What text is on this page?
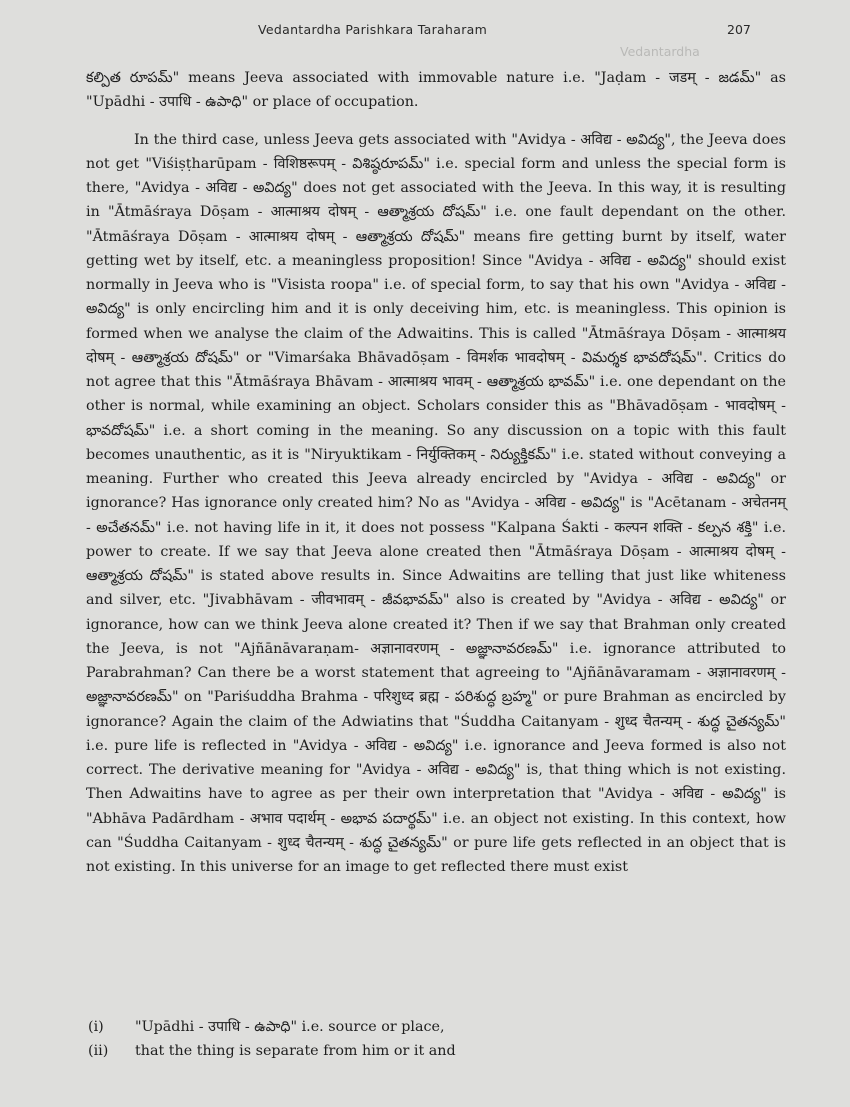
Vedantardha Parishkara Taraharam
Vedantardha
207

కల్పిత రూపమ్" means Jeeva associated with immovable nature i.e. "Jaḍam - जडम् - జడమ్" as "Upādhi - उपाधि - ఉపాధి" or place of occupation.

In the third case, unless Jeeva gets associated with "Avidya - अविद्य - అవిద్య", the Jeeva does not get "Viśiṣṭharūpam - विशिष्ठरूपम् - విశిష్ఠరూపమ్" i.e. special form and unless the special form is there, "Avidya - अविद्य - అవిద్య" does not get associated with the Jeeva. In this way, it is resulting in "Ātmāśraya Dōṣam - आत्माश्रय दोषम् - ఆత్మాశ్రయ దోషమ్" i.e. one fault dependant on the other. "Ātmāśraya Dōṣam - आत्माश्रय दोषम् - ఆత్మాశ్రయ దోషమ్" means fire getting burnt by itself, water getting wet by itself, etc. a meaningless proposition! Since "Avidya - अविद्य - అవిద్య" should exist normally in Jeeva who is "Visista roopa" i.e. of special form, to say that his own "Avidya - अविद्य - అవిద్య" is only encircling him and it is only deceiving him, etc. is meaningless. This opinion is formed when we analyse the claim of the Adwaitins. This is called "Ātmāśraya Dōṣam - आत्माश्रय दोषम् - ఆత్మాశ్రయ దోషమ్" or "Vimarśaka Bhāvadōṣam - विमर्शक भावदोषम् - విమర్శక భావదోషమ్". Critics do not agree that this "Ātmāśraya Bhāvam - आत्माश्रय भावम् - ఆత్మాశ్రయ భావమ్" i.e. one dependant on the other is normal, while examining an object. Scholars consider this as "Bhāvadōṣam - भावदोषम् - భావదోషమ్" i.e. a short coming in the meaning. So any discussion on a topic with this fault becomes unauthentic, as it is "Niryuktikam - निर्युक्तिकम् - నిర్యుక్తికమ్" i.e. stated without conveying a meaning. Further who created this Jeeva already encircled by "Avidya - अविद्य - అవిద్య" or ignorance? Has ignorance only created him? No as "Avidya - अविद्य - అవిద్య" is "Acētanam - अचेतनम् - అచేతనమ్" i.e. not having life in it, it does not possess "Kalpana Śakti - कल्पन शक्ति - కల్పన శక్తి" i.e. power to create. If we say that Jeeva alone created then "Ātmāśraya Dōṣam - आत्माश्रय दोषम् - ఆత్మాశ్రయ దోషమ్" is stated above results in. Since Adwaitins are telling that just like whiteness and silver, etc. "Jivabhāvam - जीवभावम् - జీవభావమ్" also is created by "Avidya - अविद्य - అవిద్య" or ignorance, how can we think Jeeva alone created it? Then if we say that Brahman only created the Jeeva, is not "Ajñānāvaraṇam- अज्ञानावरणम् - అజ్ఞానావరణమ్" i.e. ignorance attributed to Parabrahman? Can there be a worst statement that agreeing to "Ajñānāvaramam - अज्ञानावरणम् - అజ్ఞానావరణమ్" on "Pariśuddha Brahma - परिशुध्द ब्रह्म - పరిశుద్ధ బ్రహ్మ" or pure Brahman as encircled by ignorance? Again the claim of the Adwiatins that "Śuddha Caitanyam - शुध्द चैतन्यम् - శుద్ధ చైతన్యమ్" i.e. pure life is reflected in "Avidya - अविद्य - అవిద్య" i.e. ignorance and Jeeva formed is also not correct. The derivative meaning for "Avidya - अविद्य - అవిద్య" is, that thing which is not existing. Then Adwaitins have to agree as per their own interpretation that "Avidya - अविद्य - అవిద్య" is "Abhāva Padārdham - अभाव पदार्थम् - అభావ పదార్థమ్" i.e. an object not existing. In this context, how can "Śuddha Caitanyam - शुध्द चैतन्यम् - శుద్ధ చైతన్యమ్" or pure life gets reflected in an object that is not existing. In this universe for an image to get reflected there must exist

(i)	"Upādhi - उपाधि - ఉపాధి" i.e. source or place,
(ii)	that the thing is separate from him or it and
